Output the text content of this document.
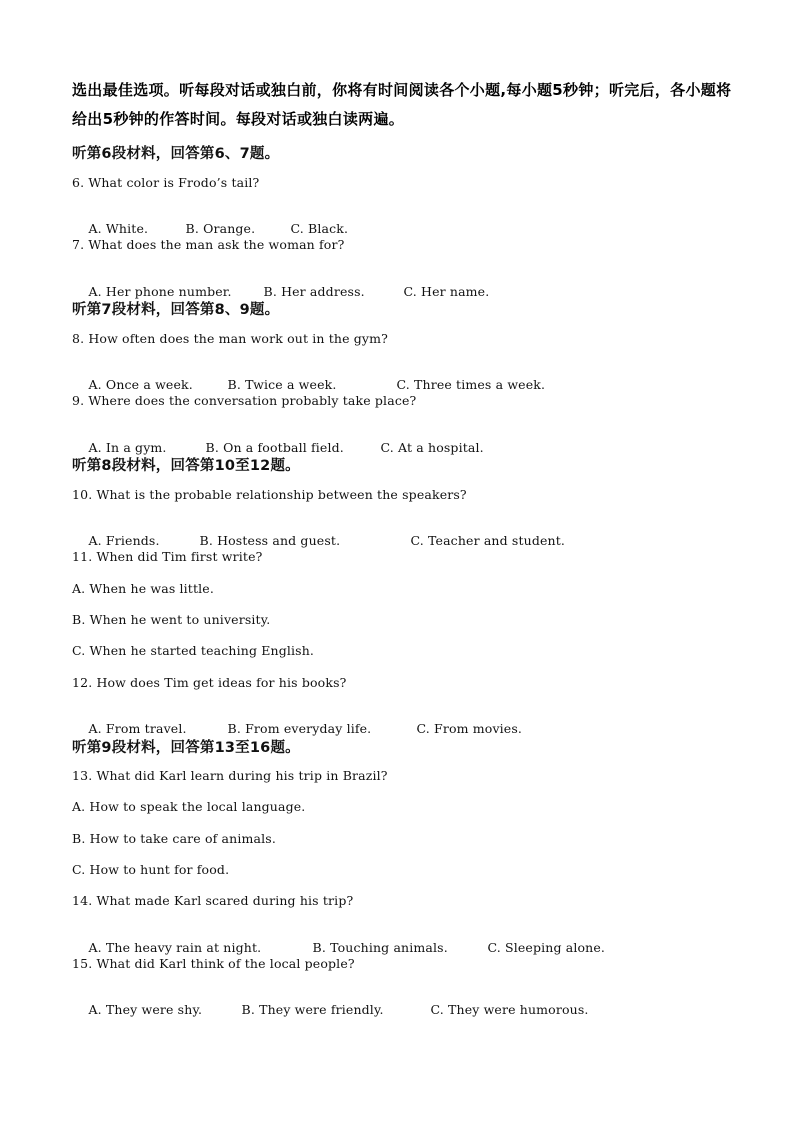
选出最佳选项。听每段对话或独白前，你将有时间阅读各个小题,每小题5秒钟；听完后，各小题将给出5秒钟的作答时间。每段对话或独白读两遍。
听第6段材料，回答第6、7题。
6. What color is Frodo’s tail?

A. White.	B. Orange.	C. Black.

7. What does the man ask the woman for?

A. Her phone number.	B. Her address.	C. Her name.

听第7段材料，回答第8、9题。
8. How often does the man work out in the gym?

A. Once a week.	B. Twice a week.	C. Three times a week.

9. Where does the conversation probably take place?

A. In a gym.	B. On a football field.	C. At a hospital.

听第8段材料，回答第10至12题。
10. What is the probable relationship between the speakers?

A. Friends.	B. Hostess and guest.	C. Teacher and student.

11. When did Tim first write?
A. When he was little.
B. When he went to university.
C. When he started teaching English.
12. How does Tim get ideas for his books?

A. From travel.	B. From everyday life.	C. From movies.

听第9段材料，回答第13至16题。
13. What did Karl learn during his trip in Brazil?
A. How to speak the local language.
B. How to take care of animals.
C. How to hunt for food.
14. What made Karl scared during his trip?

A. The heavy rain at night.	B. Touching animals.	C. Sleeping alone.

15. What did Karl think of the local people?

A. They were shy.	B. They were friendly.	C. They were humorous.
